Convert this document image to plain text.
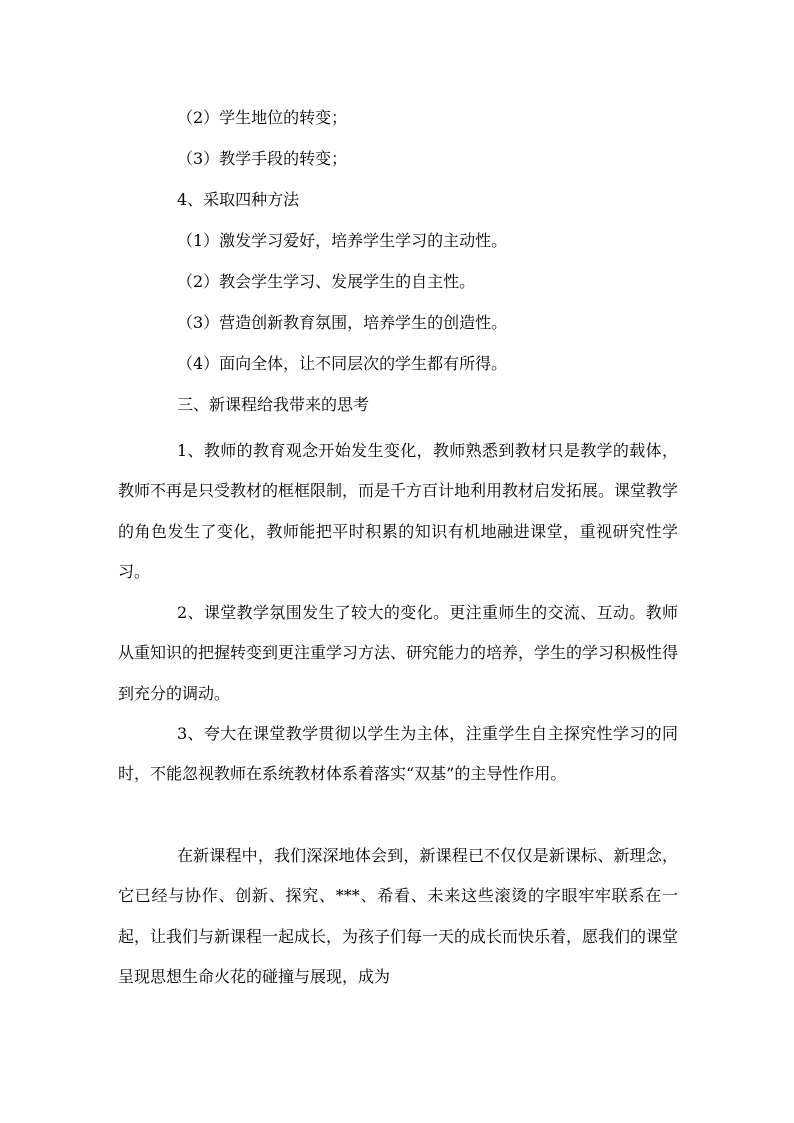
（2）学生地位的转变；
（3）教学手段的转变；
4、采取四种方法
（1）激发学习爱好，培养学生学习的主动性。
（2）教会学生学习、发展学生的自主性。
（3）营造创新教育氛围，培养学生的创造性。
（4）面向全体，让不同层次的学生都有所得。
三、新课程给我带来的思考

1、教师的教育观念开始发生变化，教师熟悉到教材只是教学的载体，教师不再是只受教材的框框限制，而是千方百计地利用教材启发拓展。课堂教学的角色发生了变化，教师能把平时积累的知识有机地融进课堂，重视研究性学习。

2、课堂教学氛围发生了较大的变化。更注重师生的交流、互动。教师从重知识的把握转变到更注重学习方法、研究能力的培养，学生的学习积极性得到充分的调动。

3、夸大在课堂教学贯彻以学生为主体，注重学生自主探究性学习的同时，不能忽视教师在系统教材体系着落实“双基”的主导性作用。

在新课程中，我们深深地体会到，新课程已不仅仅是新课标、新理念，它已经与协作、创新、探究、***、希看、未来这些滚烫的字眼牢牢联系在一起，让我们与新课程一起成长，为孩子们每一天的成长而快乐着，愿我们的课堂呈现思想生命火花的碰撞与展现，成为
